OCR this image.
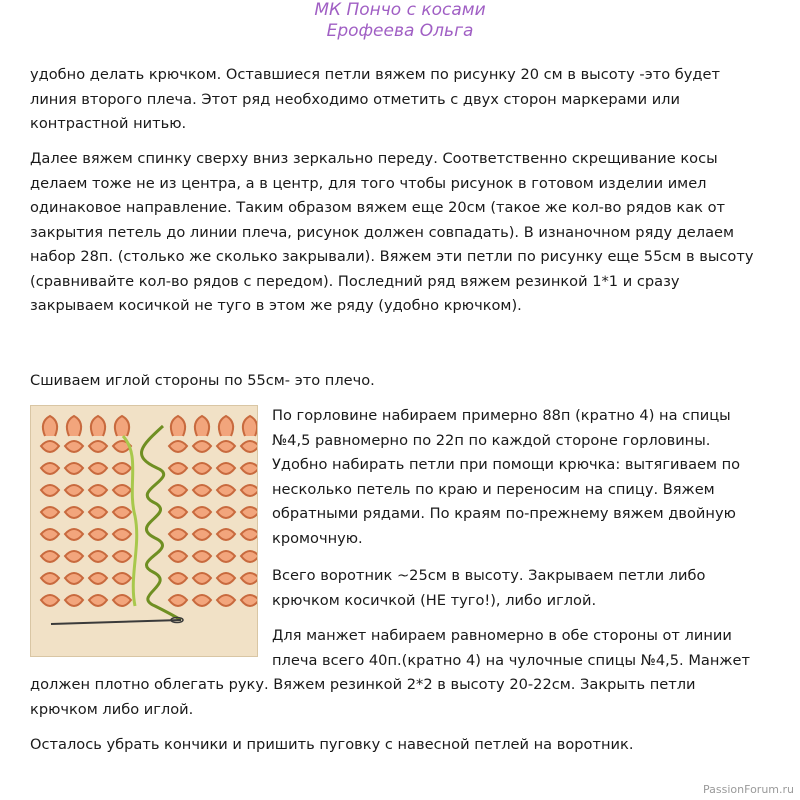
МК Пончо с косами
Ерофеева Ольга
удобно делать крючком. Оставшиеся петли вяжем по рисунку 20 см в высоту -это будет
линия второго плеча. Этот ряд необходимо отметить с двух сторон маркерами или
контрастной нитью.
Далее вяжем спинку сверху вниз зеркально переду. Соответственно скрещивание косы
делаем тоже не из центра, а в центр, для того чтобы рисунок в готовом изделии имел
одинаковое направление. Таким образом вяжем еще 20см (такое же кол-во рядов как от
закрытия петель до линии плеча, рисунок должен совпадать). В изнаночном ряду делаем
набор 28п. (столько же сколько закрывали). Вяжем эти петли по рисунку еще 55см в высоту
(сравнивайте кол-во рядов с передом). Последний ряд вяжем резинкой 1*1 и сразу
закрываем косичкой не туго в этом же ряду (удобно крючком).
Сшиваем иглой стороны по 55см- это плечо.
По горловине набираем примерно 88п (кратно 4) на спицы
№4,5 равномерно по 22п по каждой стороне горловины.
Удобно набирать петли при помощи крючка: вытягиваем по
несколько петель по краю и переносим на спицу. Вяжем
обратными рядами. По краям по-прежнему вяжем двойную
кромочную.
Всего воротник ~25см в высоту. Закрываем петли либо
крючком косичкой (НЕ туго!), либо иглой.
Для манжет набираем равномерно в обе стороны от линии
плеча всего 40п.(кратно 4) на чулочные спицы №4,5. Манжет
должен плотно облегать руку. Вяжем резинкой 2*2 в высоту 20-22см. Закрыть петли
крючком либо иглой.
Осталось убрать кончики и пришить пуговку с навесной петлей на воротник.
PassionForum.ru
